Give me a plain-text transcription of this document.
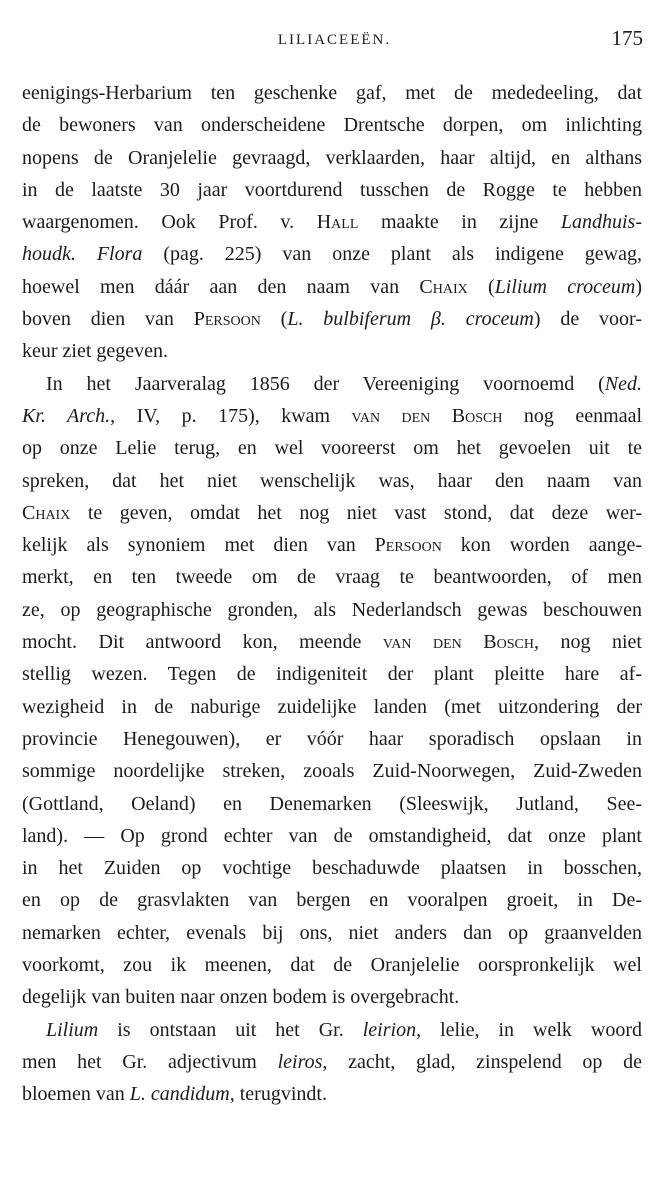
LILIACEEËN.	175
eenigings-Herbarium ten geschenke gaf, met de mededeeling, dat
de bewoners van onderscheidene Drentsche dorpen, om inlichting
nopens de Oranjelelie gevraagd, verklaarden, haar altijd, en althans
in de laatste 30 jaar voortdurend tusschen de Rogge te hebben
waargenomen. Ook Prof. v. Hall maakte in zijne Landhuis-
houdk. Flora (pag. 225) van onze plant als indigene gewag,
hoewel men dáár aan den naam van Chaix (Lilium croceum)
boven dien van Persoon (L. bulbiferum β. croceum) de voor-
keur ziet gegeven.
In het Jaarveralag 1856 der Vereeniging voornoemd (Ned.
Kr. Arch., IV, p. 175), kwam van den Bosch nog eenmaal
op onze Lelie terug, en wel vooreerst om het gevoelen uit te
spreken, dat het niet wenschelijk was, haar den naam van
Chaix te geven, omdat het nog niet vast stond, dat deze wer-
kelijk als synoniem met dien van Persoon kon worden aange-
merkt, en ten tweede om de vraag te beantwoorden, of men
ze, op geographische gronden, als Nederlandsch gewas beschouwen
mocht. Dit antwoord kon, meende van den Bosch, nog niet
stellig wezen. Tegen de indigeniteit der plant pleitte hare af-
wezigheid in de naburige zuidelijke landen (met uitzondering der
provincie Henegouwen), er vóór haar sporadisch opslaan in
sommige noordelijke streken, zooals Zuid-Noorwegen, Zuid-Zweden
(Gottland, Oeland) en Denemarken (Sleeswijk, Jutland, See-
land). — Op grond echter van de omstandigheid, dat onze plant
in het Zuiden op vochtige beschaduwde plaatsen in bosschen,
en op de grasvlakten van bergen en vooralpen groeit, in De-
nemarken echter, evenals bij ons, niet anders dan op graanvelden
voorkomt, zou ik meenen, dat de Oranjelelie oorspronkelijk wel
degelijk van buiten naar onzen bodem is overgebracht.
Lilium is ontstaan uit het Gr. leirion, lelie, in welk woord
men het Gr. adjectivum leiros, zacht, glad, zinspelend op de
bloemen van L. candidum, terugvindt.
